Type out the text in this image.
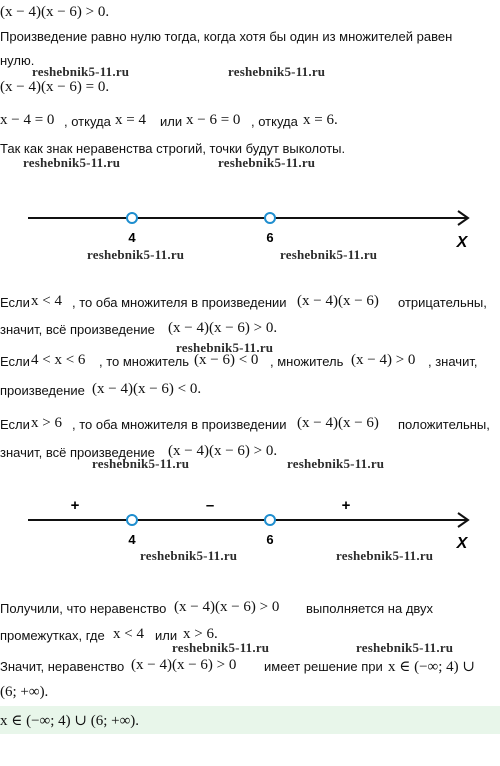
(x − 4)(x − 6) > 0.
Произведение равно нулю тогда, когда хотя бы один из множителей равен
нулю.
(x − 4)(x − 6) = 0.
x − 4 = 0 , откуда x = 4 или x − 6 = 0 , откуда x = 6.
Так как знак неравенства строгий, точки будут выколоты.
4	6	X
Если x < 4 , то оба множителя в произведении (x − 4)(x − 6) отрицательны,
значит, всё произведение (x − 4)(x − 6) > 0.
Если 4 < x < 6 , то множитель (x − 6) < 0 , множитель (x − 4) > 0 , значит,
произведение (x − 4)(x − 6) < 0.
Если x > 6 , то оба множителя в произведении (x − 4)(x − 6) положительны,
значит, всё произведение (x − 4)(x − 6) > 0.
+	–	+
4	6	X
Получили, что неравенство (x − 4)(x − 6) > 0 выполняется на двух
промежутках, где x < 4 или x > 6.
Значит, неравенство (x − 4)(x − 6) > 0 имеет решение при x ∈ (−∞; 4) ∪
(6; +∞).
x ∈ (−∞; 4) ∪ (6; +∞).
reshebnik5-11.ru	reshebnik5-11.ru
reshebnik5-11.ru	reshebnik5-11.ru
reshebnik5-11.ru	reshebnik5-11.ru
reshebnik5-11.ru
reshebnik5-11.ru	reshebnik5-11.ru
reshebnik5-11.ru	reshebnik5-11.ru
reshebnik5-11.ru	reshebnik5-11.ru
